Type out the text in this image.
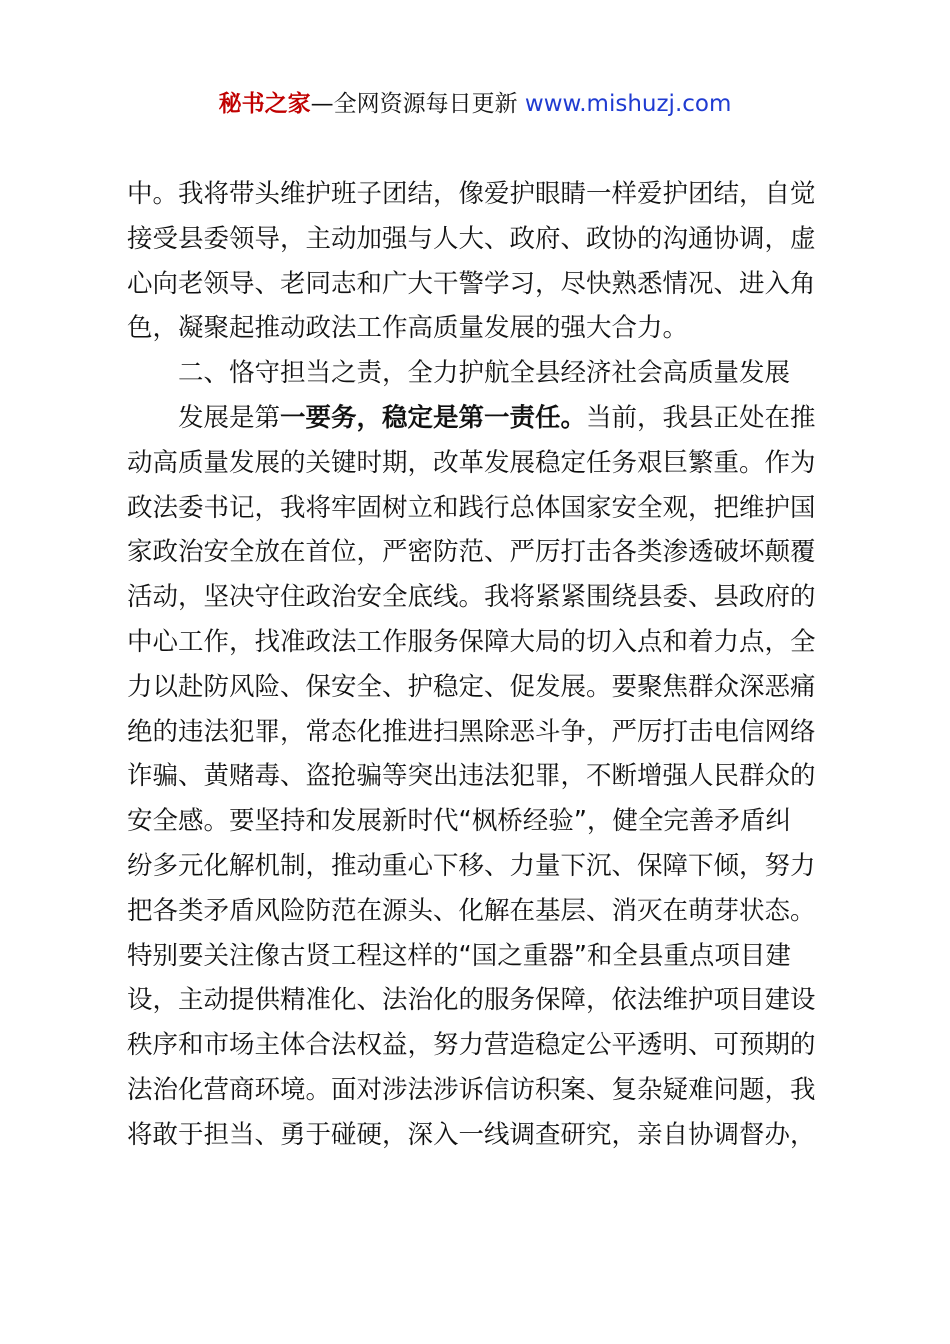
秘书之家—全网资源每日更新 www.mishuzj.com
中。我将带头维护班子团结，像爱护眼睛一样爱护团结，自觉
接受县委领导，主动加强与人大、政府、政协的沟通协调，虚
心向老领导、老同志和广大干警学习，尽快熟悉情况、进入角
色，凝聚起推动政法工作高质量发展的强大合力。
二、恪守担当之责，全力护航全县经济社会高质量发展
发展是第一要务，稳定是第一责任。当前，我县正处在推
动高质量发展的关键时期，改革发展稳定任务艰巨繁重。作为
政法委书记，我将牢固树立和践行总体国家安全观，把维护国
家政治安全放在首位，严密防范、严厉打击各类渗透破坏颠覆
活动，坚决守住政治安全底线。我将紧紧围绕县委、县政府的
中心工作，找准政法工作服务保障大局的切入点和着力点，全
力以赴防风险、保安全、护稳定、促发展。要聚焦群众深恶痛
绝的违法犯罪，常态化推进扫黑除恶斗争，严厉打击电信网络
诈骗、黄赌毒、盗抢骗等突出违法犯罪，不断增强人民群众的
安全感。要坚持和发展新时代“枫桥经验”，健全完善矛盾纠
纷多元化解机制，推动重心下移、力量下沉、保障下倾，努力
把各类矛盾风险防范在源头、化解在基层、消灭在萌芽状态。
特别要关注像古贤工程这样的“国之重器”和全县重点项目建
设，主动提供精准化、法治化的服务保障，依法维护项目建设
秩序和市场主体合法权益，努力营造稳定公平透明、可预期的
法治化营商环境。面对涉法涉诉信访积案、复杂疑难问题，我
将敢于担当、勇于碰硬，深入一线调查研究，亲自协调督办，
